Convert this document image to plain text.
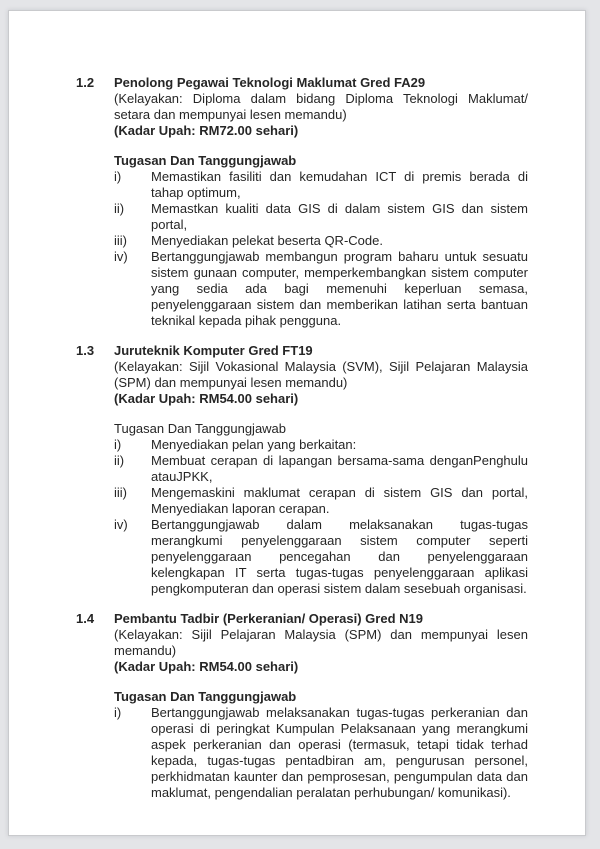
1.2	Penolong Pegawai Teknologi Maklumat Gred FA29
(Kelayakan: Diploma dalam bidang Diploma Teknologi Maklumat/ setara dan mempunyai lesen memandu)
(Kadar Upah: RM72.00 sehari)
Tugasan Dan Tanggungjawab
i)	Memastikan fasiliti dan kemudahan ICT di premis berada di tahap optimum,
ii)	Memastkan kualiti data GIS di dalam sistem GIS dan sistem portal,
iii)	Menyediakan pelekat beserta QR-Code.
iv)	Bertanggungjawab membangun program baharu untuk sesuatu sistem gunaan computer, memperkembangkan sistem computer yang sedia ada bagi memenuhi keperluan semasa, penyelenggaraan sistem dan memberikan latihan serta bantuan teknikal kepada pihak pengguna.
1.3	Juruteknik Komputer Gred FT19
(Kelayakan: Sijil Vokasional Malaysia (SVM), Sijil Pelajaran Malaysia (SPM) dan mempunyai lesen memandu)
(Kadar Upah: RM54.00 sehari)
Tugasan Dan Tanggungjawab
i)	Menyediakan pelan yang berkaitan:
ii)	Membuat cerapan di lapangan bersama-sama denganPenghulu atauJPKK,
iii)	Mengemaskini maklumat cerapan di sistem GIS dan portal, Menyediakan laporan cerapan.
iv)	Bertanggungjawab dalam melaksanakan tugas-tugas merangkumi penyelenggaraan sistem computer seperti penyelenggaraan pencegahan dan penyelenggaraan kelengkapan IT serta tugas-tugas penyelenggaraan aplikasi pengkomputeran dan operasi sistem dalam sesebuah organisasi.
1.4	Pembantu Tadbir (Perkeranian/ Operasi) Gred N19
(Kelayakan: Sijil Pelajaran Malaysia (SPM) dan mempunyai lesen memandu)
(Kadar Upah: RM54.00 sehari)
Tugasan Dan Tanggungjawab
i)	Bertanggungjawab melaksanakan tugas-tugas perkeranian dan operasi di peringkat Kumpulan Pelaksanaan yang merangkumi aspek perkeranian dan operasi (termasuk, tetapi tidak terhad kepada, tugas-tugas pentadbiran am, pengurusan personel, perkhidmatan kaunter dan pemprosesan, pengumpulan data dan maklumat, pengendalian peralatan perhubungan/ komunikasi).
